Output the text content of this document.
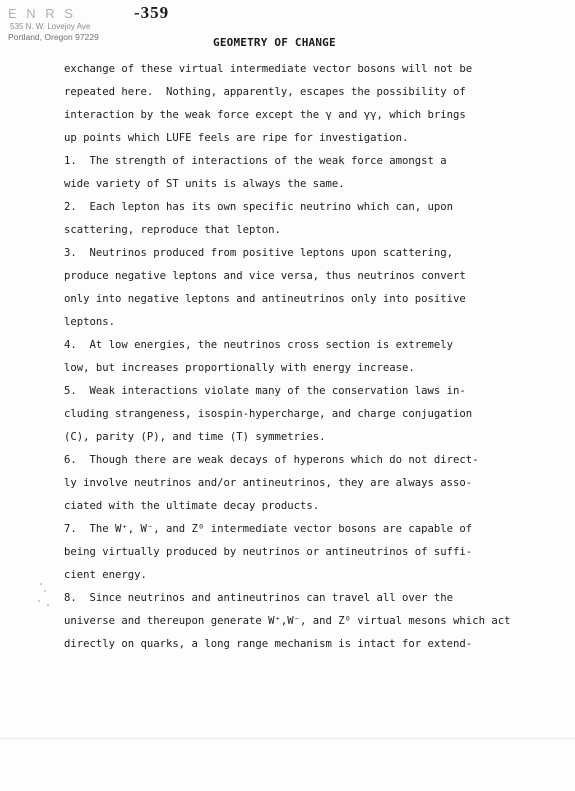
E N R S
535 N. W. Lovejoy Ave
Portland, Oregon 97229
-359
GEOMETRY OF CHANGE
exchange of these virtual intermediate vector bosons will not be
repeated here.  Nothing, apparently, escapes the possibility of
interaction by the weak force except the γ and γγ, which brings
up points which LUFE feels are ripe for investigation.
1.  The strength of interactions of the weak force amongst a
wide variety of ST units is always the same.
2.  Each lepton has its own specific neutrino which can, upon
scattering, reproduce that lepton.
3.  Neutrinos produced from positive leptons upon scattering,
produce negative leptons and vice versa, thus neutrinos convert
only into negative leptons and antineutrinos only into positive
leptons.
4.  At low energies, the neutrinos cross section is extremely
low, but increases proportionally with energy increase.
5.  Weak interactions violate many of the conservation laws in-
cluding strangeness, isospin-hypercharge, and charge conjugation
(C), parity (P), and time (T) symmetries.
6.  Though there are weak decays of hyperons which do not direct-
ly involve neutrinos and/or antineutrinos, they are always asso-
ciated with the ultimate decay products.
7.  The W⁺, W⁻, and Z⁰ intermediate vector bosons are capable of
being virtually produced by neutrinos or antineutrinos of suffi-
cient energy.
8.  Since neutrinos and antineutrinos can travel all over the
universe and thereupon generate W⁺,W⁻, and Z⁰ virtual mesons which act
directly on quarks, a long range mechanism is intact for extend-
